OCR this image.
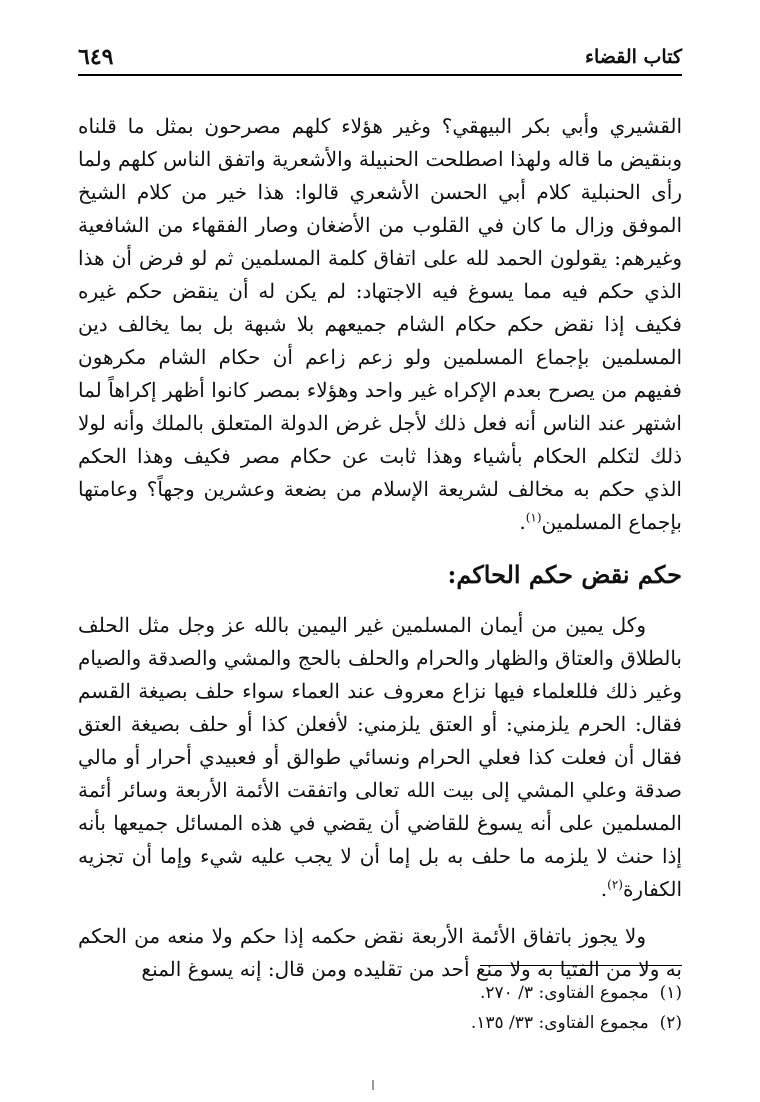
٦٤٩	كتاب القضاء

القشيري وأبي بكر البيهقي؟ وغير هؤلاء كلهم مصرحون بمثل ما قلناه وبنقيض ما قاله ولهذا اصطلحت الحنبيلة والأشعرية واتفق الناس كلهم ولما رأى الحنبلية كلام أبي الحسن الأشعري قالوا: هذا خير من كلام الشيخ الموفق وزال ما كان في القلوب من الأضغان وصار الفقهاء من الشافعية وغيرهم: يقولون الحمد لله على اتفاق كلمة المسلمين ثم لو فرض أن هذا الذي حكم فيه مما يسوغ فيه الاجتهاد: لم يكن له أن ينقض حكم غيره فكيف إذا نقض حكم حكام الشام جميعهم بلا شبهة بل بما يخالف دين المسلمين بإجماع المسلمين ولو زعم زاعم أن حكام الشام مكرهون ففيهم من يصرح بعدم الإكراه غير واحد وهؤلاء بمصر كانوا أظهر إكراهاً لما اشتهر عند الناس أنه فعل ذلك لأجل غرض الدولة المتعلق بالملك وأنه لولا ذلك لتكلم الحكام بأشياء وهذا ثابت عن حكام مصر فكيف وهذا الحكم الذي حكم به مخالف لشريعة الإسلام من بضعة وعشرين وجهاً؟ وعامتها بإجماع المسلمين$^{(١)}$.

حكم نقض حكم الحاكم:

وكل يمين من أيمان المسلمين غير اليمين بالله عز وجل مثل الحلف بالطلاق والعتاق والظهار والحرام والحلف بالحج والمشي والصدقة والصيام وغير ذلك فللعلماء فيها نزاع معروف عند العماء سواء حلف بصيغة القسم فقال: الحرم يلزمني: أو العتق يلزمني: لأفعلن كذا أو حلف بصيغة العتق فقال أن فعلت كذا فعلي الحرام ونسائي طوالق أو فعبيدي أحرار أو مالي صدقة وعلي المشي إلى بيت الله تعالى واتفقت الأئمة الأربعة وسائر أئمة المسلمين على أنه يسوغ للقاضي أن يقضي في هذه المسائل جميعها بأنه إذا حنث لا يلزمه ما حلف به بل إما أن لا يجب عليه شيء وإما أن تجزيه الكفارة$^{(٢)}$.

ولا يجوز باتفاق الأئمة الأربعة نقض حكمه إذا حكم ولا منعه من الحكم به ولا من الفتيا به ولا منع أحد من تقليده ومن قال: إنه يسوغ المنع

(١)  مجموع الفتاوى: ٣/ ٢٧٠.

(٢)  مجموع الفتاوى: ٣٣/ ١٣٥.
